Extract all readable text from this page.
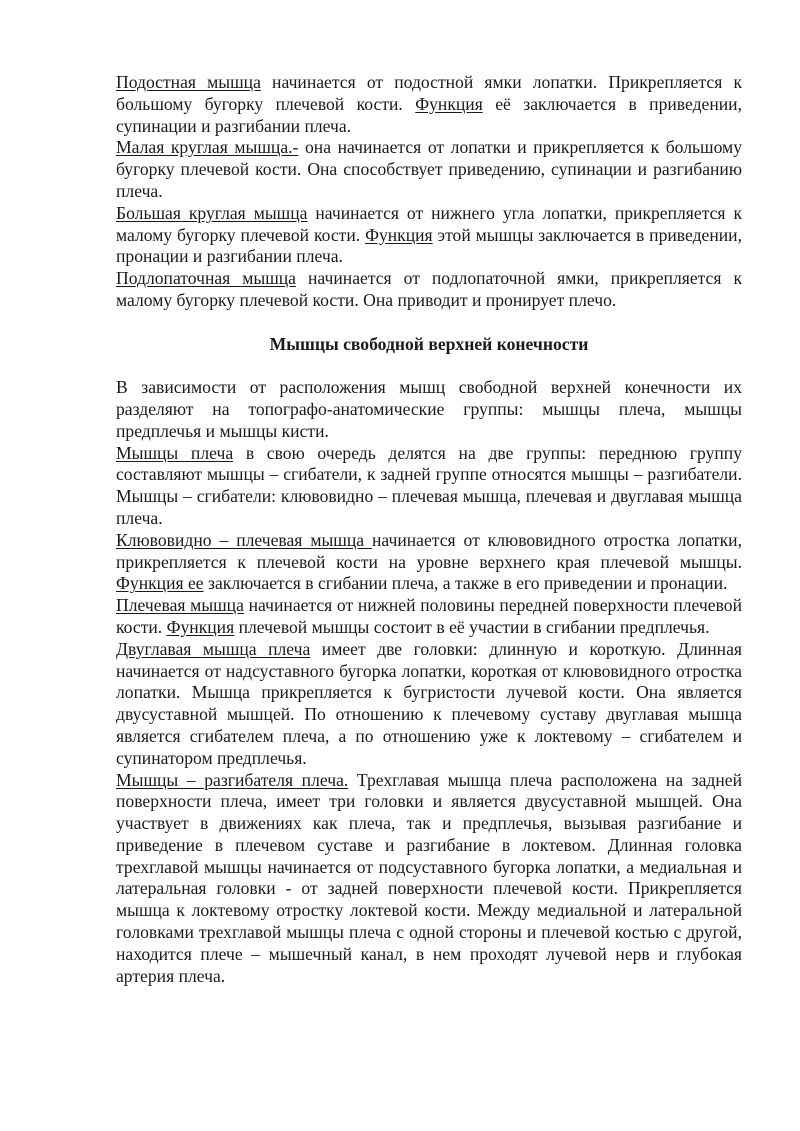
Подостная мышца начинается от подостной ямки лопатки. Прикрепляется к большому бугорку плечевой кости. Функция её заключается в приведении, супинации и разгибании плеча.

Малая круглая мышца.- она начинается от лопатки и прикрепляется к большому бугорку плечевой кости. Она способствует приведению, супинации и разгибанию плеча.

Большая круглая мышца начинается от нижнего угла лопатки, прикрепляется к малому бугорку плечевой кости. Функция этой мышцы заключается в приведении, пронации и разгибании плеча.

Подлопаточная мышца начинается от подлопаточной ямки, прикрепляется к малому бугорку плечевой кости. Она приводит и пронирует плечо.

Мышцы свободной верхней конечности

В зависимости от расположения мышц свободной верхней конечности их разделяют на топографо-анатомические группы: мышцы плеча, мышцы предплечья и мышцы кисти.

Мышцы плеча в свою очередь делятся на две группы: переднюю группу составляют мышцы – сгибатели, к задней группе относятся мышцы – разгибатели. Мышцы – сгибатели: клювовидно – плечевая мышца, плечевая и двуглавая мышца плеча.

Клювовидно – плечевая мышца начинается от клювовидного отростка лопатки, прикрепляется к плечевой кости на уровне верхнего края плечевой мышцы. Функция ее заключается в сгибании плеча, а также в его приведении и пронации.

Плечевая мышца начинается от нижней половины передней поверхности плечевой кости. Функция плечевой мышцы состоит в её участии в сгибании предплечья.

Двуглавая мышца плеча имеет две головки: длинную и короткую. Длинная начинается от надсуставного бугорка лопатки, короткая от клювовидного отростка лопатки. Мышца прикрепляется к бугристости лучевой кости. Она является двусуставной мышцей. По отношению к плечевому суставу двуглавая мышца является сгибателем плеча, а по отношению уже к локтевому – сгибателем и супинатором предплечья.

Мышцы – разгибателя плеча. Трехглавая мышца плеча расположена на задней поверхности плеча, имеет три головки и является двусуставной мышцей. Она участвует в движениях как плеча, так и предплечья, вызывая разгибание и приведение в плечевом суставе и разгибание в локтевом. Длинная головка трехглавой мышцы начинается от подсуставного бугорка лопатки, а медиальная и латеральная головки - от задней поверхности плечевой кости. Прикрепляется мышца к локтевому отростку локтевой кости. Между медиальной и латеральной головками трехглавой мышцы плеча с одной стороны и плечевой костью с другой, находится плече – мышечный канал, в нем проходят лучевой нерв и глубокая артерия плеча.
